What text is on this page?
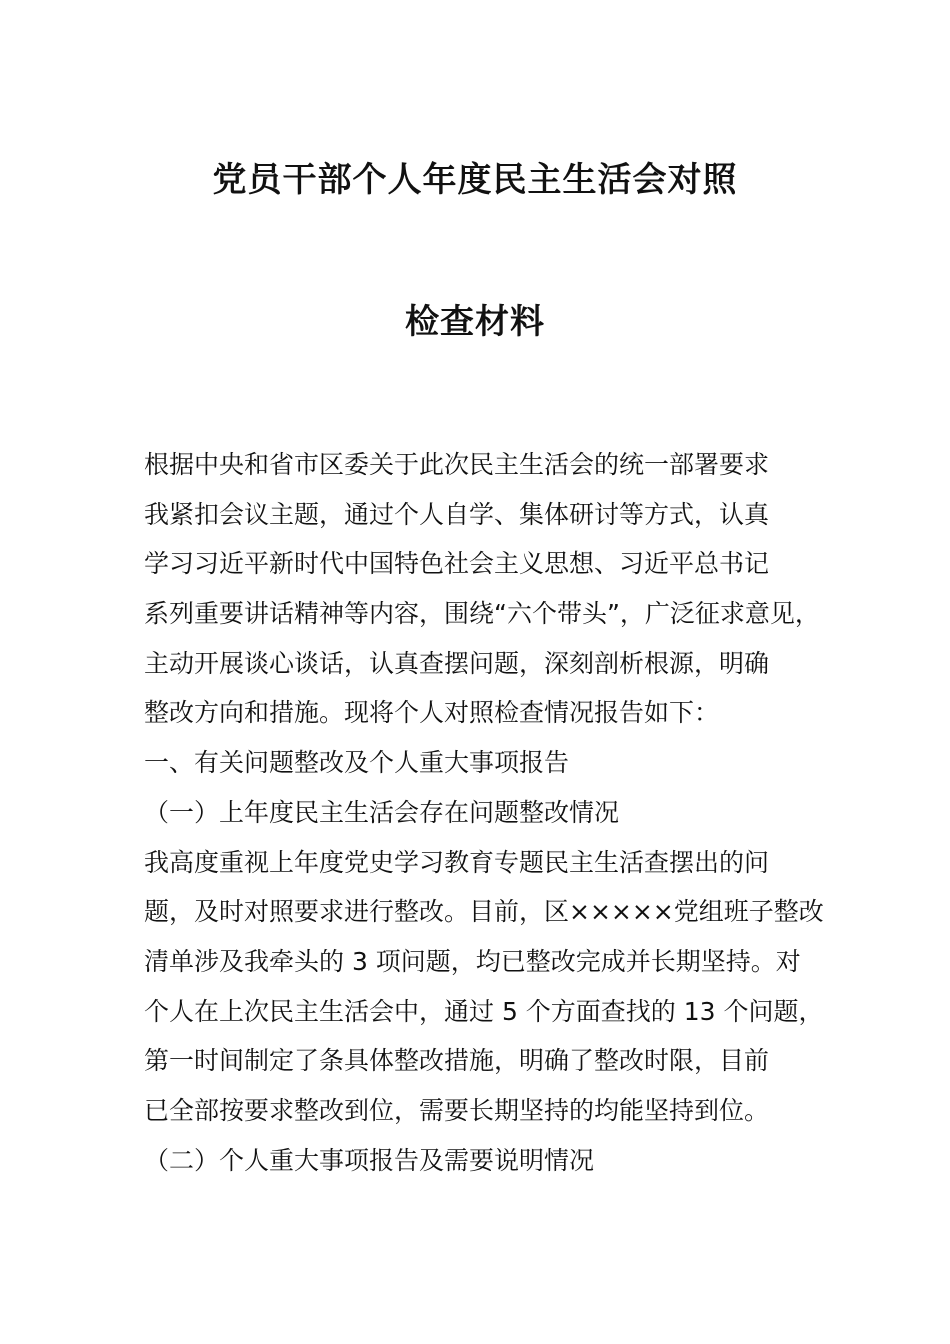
党员干部个人年度民主生活会对照
检查材料
根据中央和省市区委关于此次民主生活会的统一部署要求
我紧扣会议主题，通过个人自学、集体研讨等方式，认真
学习习近平新时代中国特色社会主义思想、习近平总书记
系列重要讲话精神等内容，围绕“六个带头”，广泛征求意见，
主动开展谈心谈话，认真查摆问题，深刻剖析根源，明确
整改方向和措施。现将个人对照检查情况报告如下：
一、有关问题整改及个人重大事项报告
（一）上年度民主生活会存在问题整改情况
我高度重视上年度党史学习教育专题民主生活查摆出的问
题，及时对照要求进行整改。目前，区×××××党组班子整改
清单涉及我牵头的 3 项问题，均已整改完成并长期坚持。对
个人在上次民主生活会中，通过 5 个方面查找的 13 个问题，
第一时间制定了条具体整改措施，明确了整改时限，目前
已全部按要求整改到位，需要长期坚持的均能坚持到位。
（二）个人重大事项报告及需要说明情况
